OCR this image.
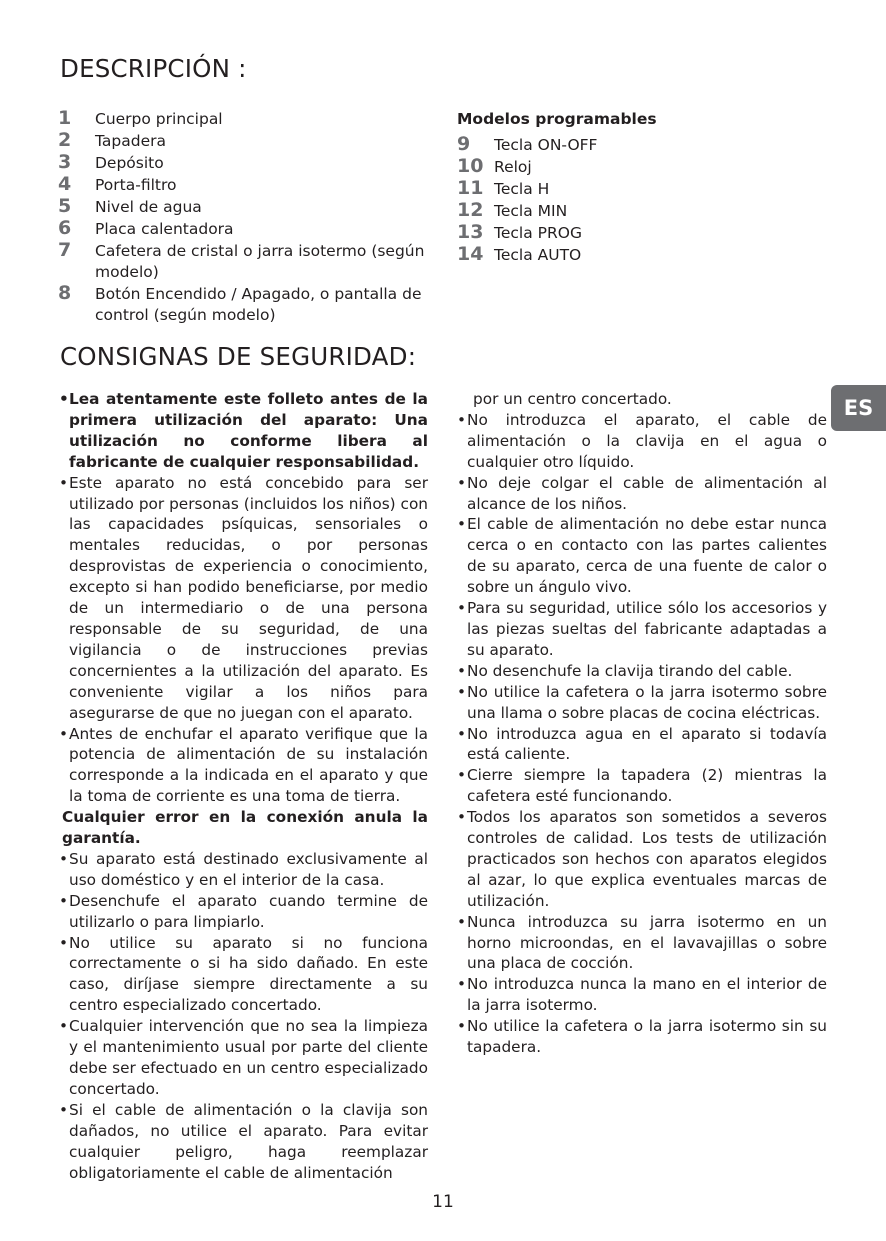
DESCRIPCIÓN :
1	Cuerpo principal
2	Tapadera
3	Depósito
4	Porta-filtro
5	Nivel de agua
6	Placa calentadora
7	Cafetera de cristal o jarra isotermo (según modelo)
8	Botón Encendido / Apagado, o pantalla de control (según modelo)
Modelos programables
9	Tecla ON-OFF
10 Reloj
11 Tecla H
12 Tecla MIN
13 Tecla PROG
14 Tecla AUTO
CONSIGNAS DE SEGURIDAD:
ES
• Lea atentamente este folleto antes de la primera utilización del aparato: Una utilización no conforme libera al fabricante de cualquier responsabilidad.
• Este aparato no está concebido para ser utilizado por personas (incluidos los niños) con las capacidades psíquicas, sensoriales o mentales reducidas, o por personas desprovistas de experiencia o conocimiento, excepto si han podido beneficiarse, por medio de un intermediario o de una persona responsable de su seguridad, de una vigilancia o de instrucciones previas concernientes a la utilización del aparato. Es conveniente vigilar a los niños para asegurarse de que no juegan con el aparato.
• Antes de enchufar el aparato verifique que la potencia de alimentación de su instalación corresponde a la indicada en el aparato y que la toma de corriente es una toma de tierra.
Cualquier error en la conexión anula la garantía.
• Su aparato está destinado exclusivamente al uso doméstico y en el interior de la casa.
• Desenchufe el aparato cuando termine de utilizarlo o para limpiarlo.
• No utilice su aparato si no funciona correctamente o si ha sido dañado. En este caso, diríjase siempre directamente a su centro especializado concertado.
• Cualquier intervención que no sea la limpieza y el mantenimiento usual por parte del cliente debe ser efectuado en un centro especializado concertado.
• Si el cable de alimentación o la clavija son dañados, no utilice el aparato. Para evitar cualquier peligro, haga reemplazar obligatoriamente el cable de alimentación
por un centro concertado.
• No introduzca el aparato, el cable de alimentación o la clavija en el agua o cualquier otro líquido.
• No deje colgar el cable de alimentación al alcance de los niños.
• El cable de alimentación no debe estar nunca cerca o en contacto con las partes calientes de su aparato, cerca de una fuente de calor o sobre un ángulo vivo.
• Para su seguridad, utilice sólo los accesorios y las piezas sueltas del fabricante adaptadas a su aparato.
• No desenchufe la clavija tirando del cable.
• No utilice la cafetera o la jarra isotermo sobre una llama o sobre placas de cocina eléctricas.
• No introduzca agua en el aparato si todavía está caliente.
• Cierre siempre la tapadera (2) mientras la cafetera esté funcionando.
• Todos los aparatos son sometidos a severos controles de calidad. Los tests de utilización practicados son hechos con aparatos elegidos al azar, lo que explica eventuales marcas de utilización.
• Nunca introduzca su jarra isotermo en un horno microondas, en el lavavajillas o sobre una placa de cocción.
• No introduzca nunca la mano en el interior de la jarra isotermo.
• No utilice la cafetera o la jarra isotermo sin su tapadera.
11
